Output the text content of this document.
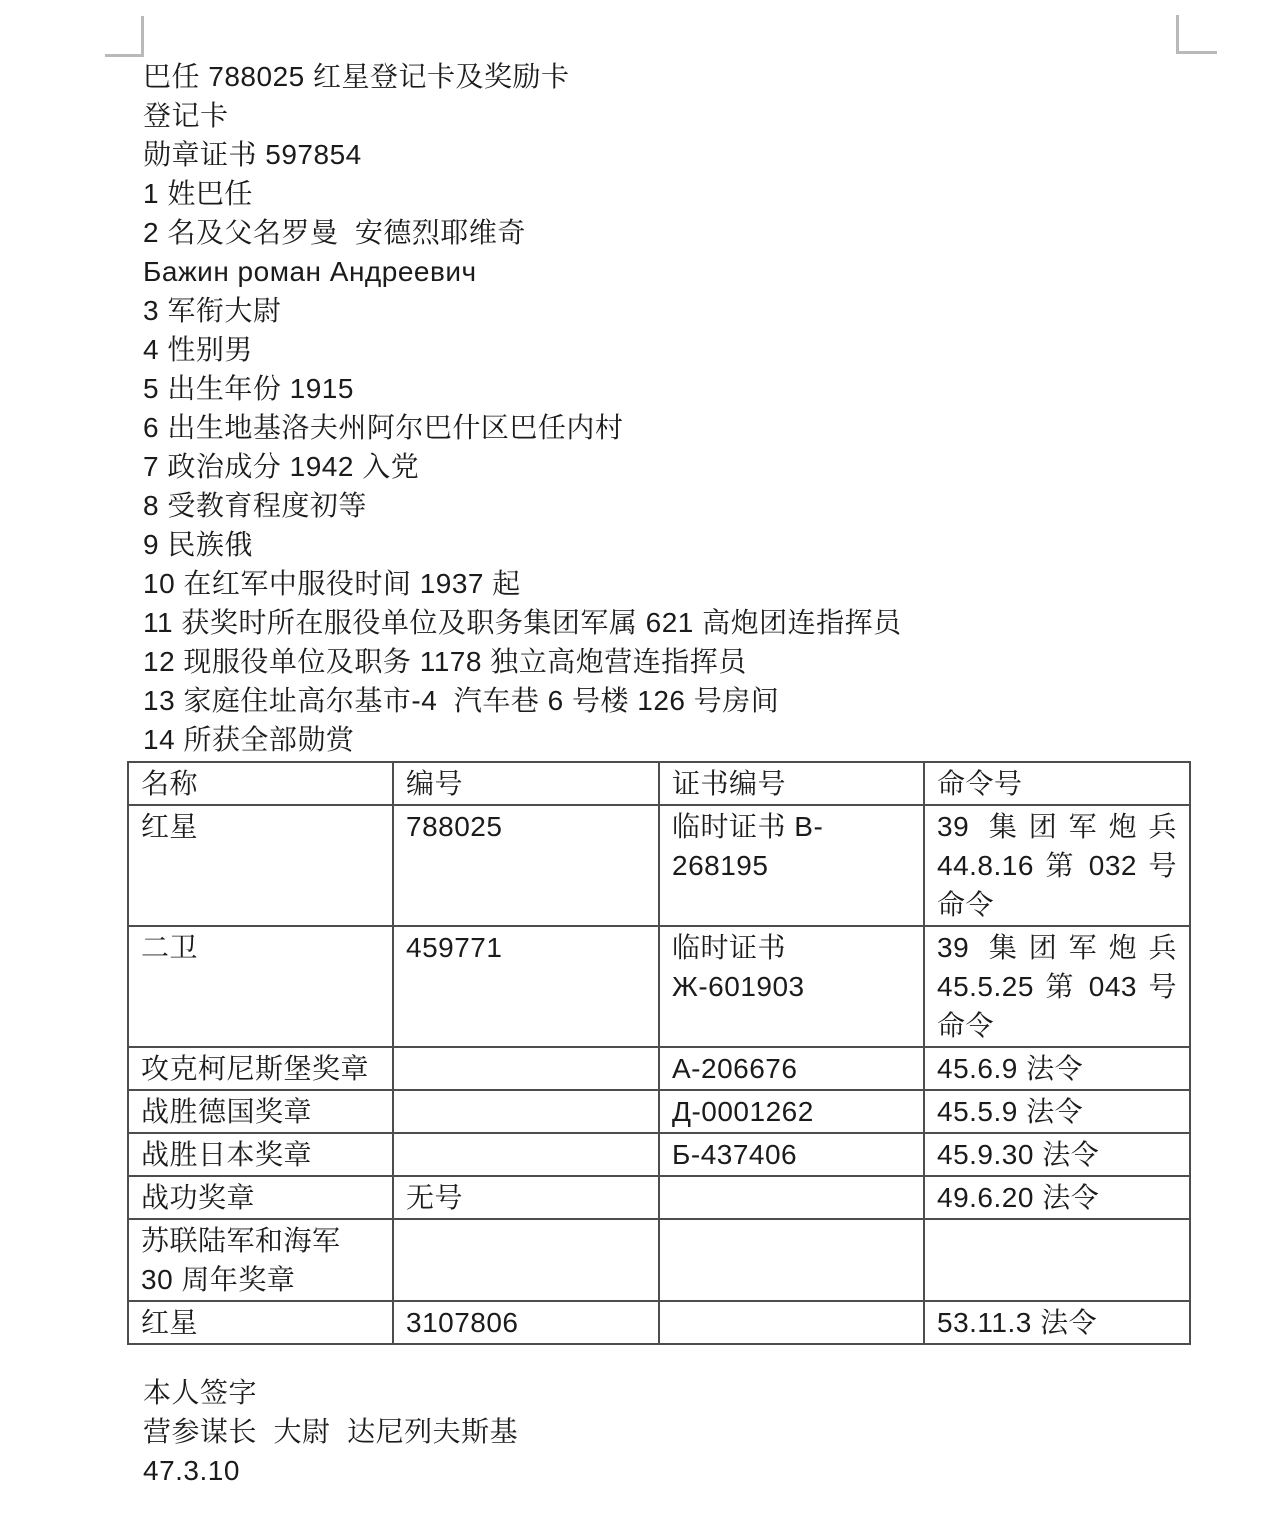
巴任 788025 红星登记卡及奖励卡
登记卡
勋章证书 597854
1 姓巴任
2 名及父名罗曼  安德烈耶维奇
Бажин роман Андреевич
3 军衔大尉
4 性别男
5 出生年份 1915
6 出生地基洛夫州阿尔巴什区巴任内村
7 政治成分 1942 入党
8 受教育程度初等
9 民族俄
10 在红军中服役时间 1937 起
11 获奖时所在服役单位及职务集团军属 621 高炮团连指挥员
12 现服役单位及职务 1178 独立高炮营连指挥员
13 家庭住址高尔基市-4  汽车巷 6 号楼 126 号房间
14 所获全部勋赏
名称	编号	证书编号	命令号
红星	788025	临时证书 B-268195	39 集团军炮兵 44.8.16 第 032 号命令
二卫	459771	临时证书Ж-601903	39 集团军炮兵 45.5.25 第 043 号命令
攻克柯尼斯堡奖章		А-206676	45.6.9 法令
战胜德国奖章		Д-0001262	45.5.9 法令
战胜日本奖章		Б-437406	45.9.30 法令
战功奖章	无号		49.6.20 法令
苏联陆军和海军 30 周年奖章			
红星	3107806		53.11.3 法令
本人签字
营参谋长  大尉  达尼列夫斯基
47.3.10
